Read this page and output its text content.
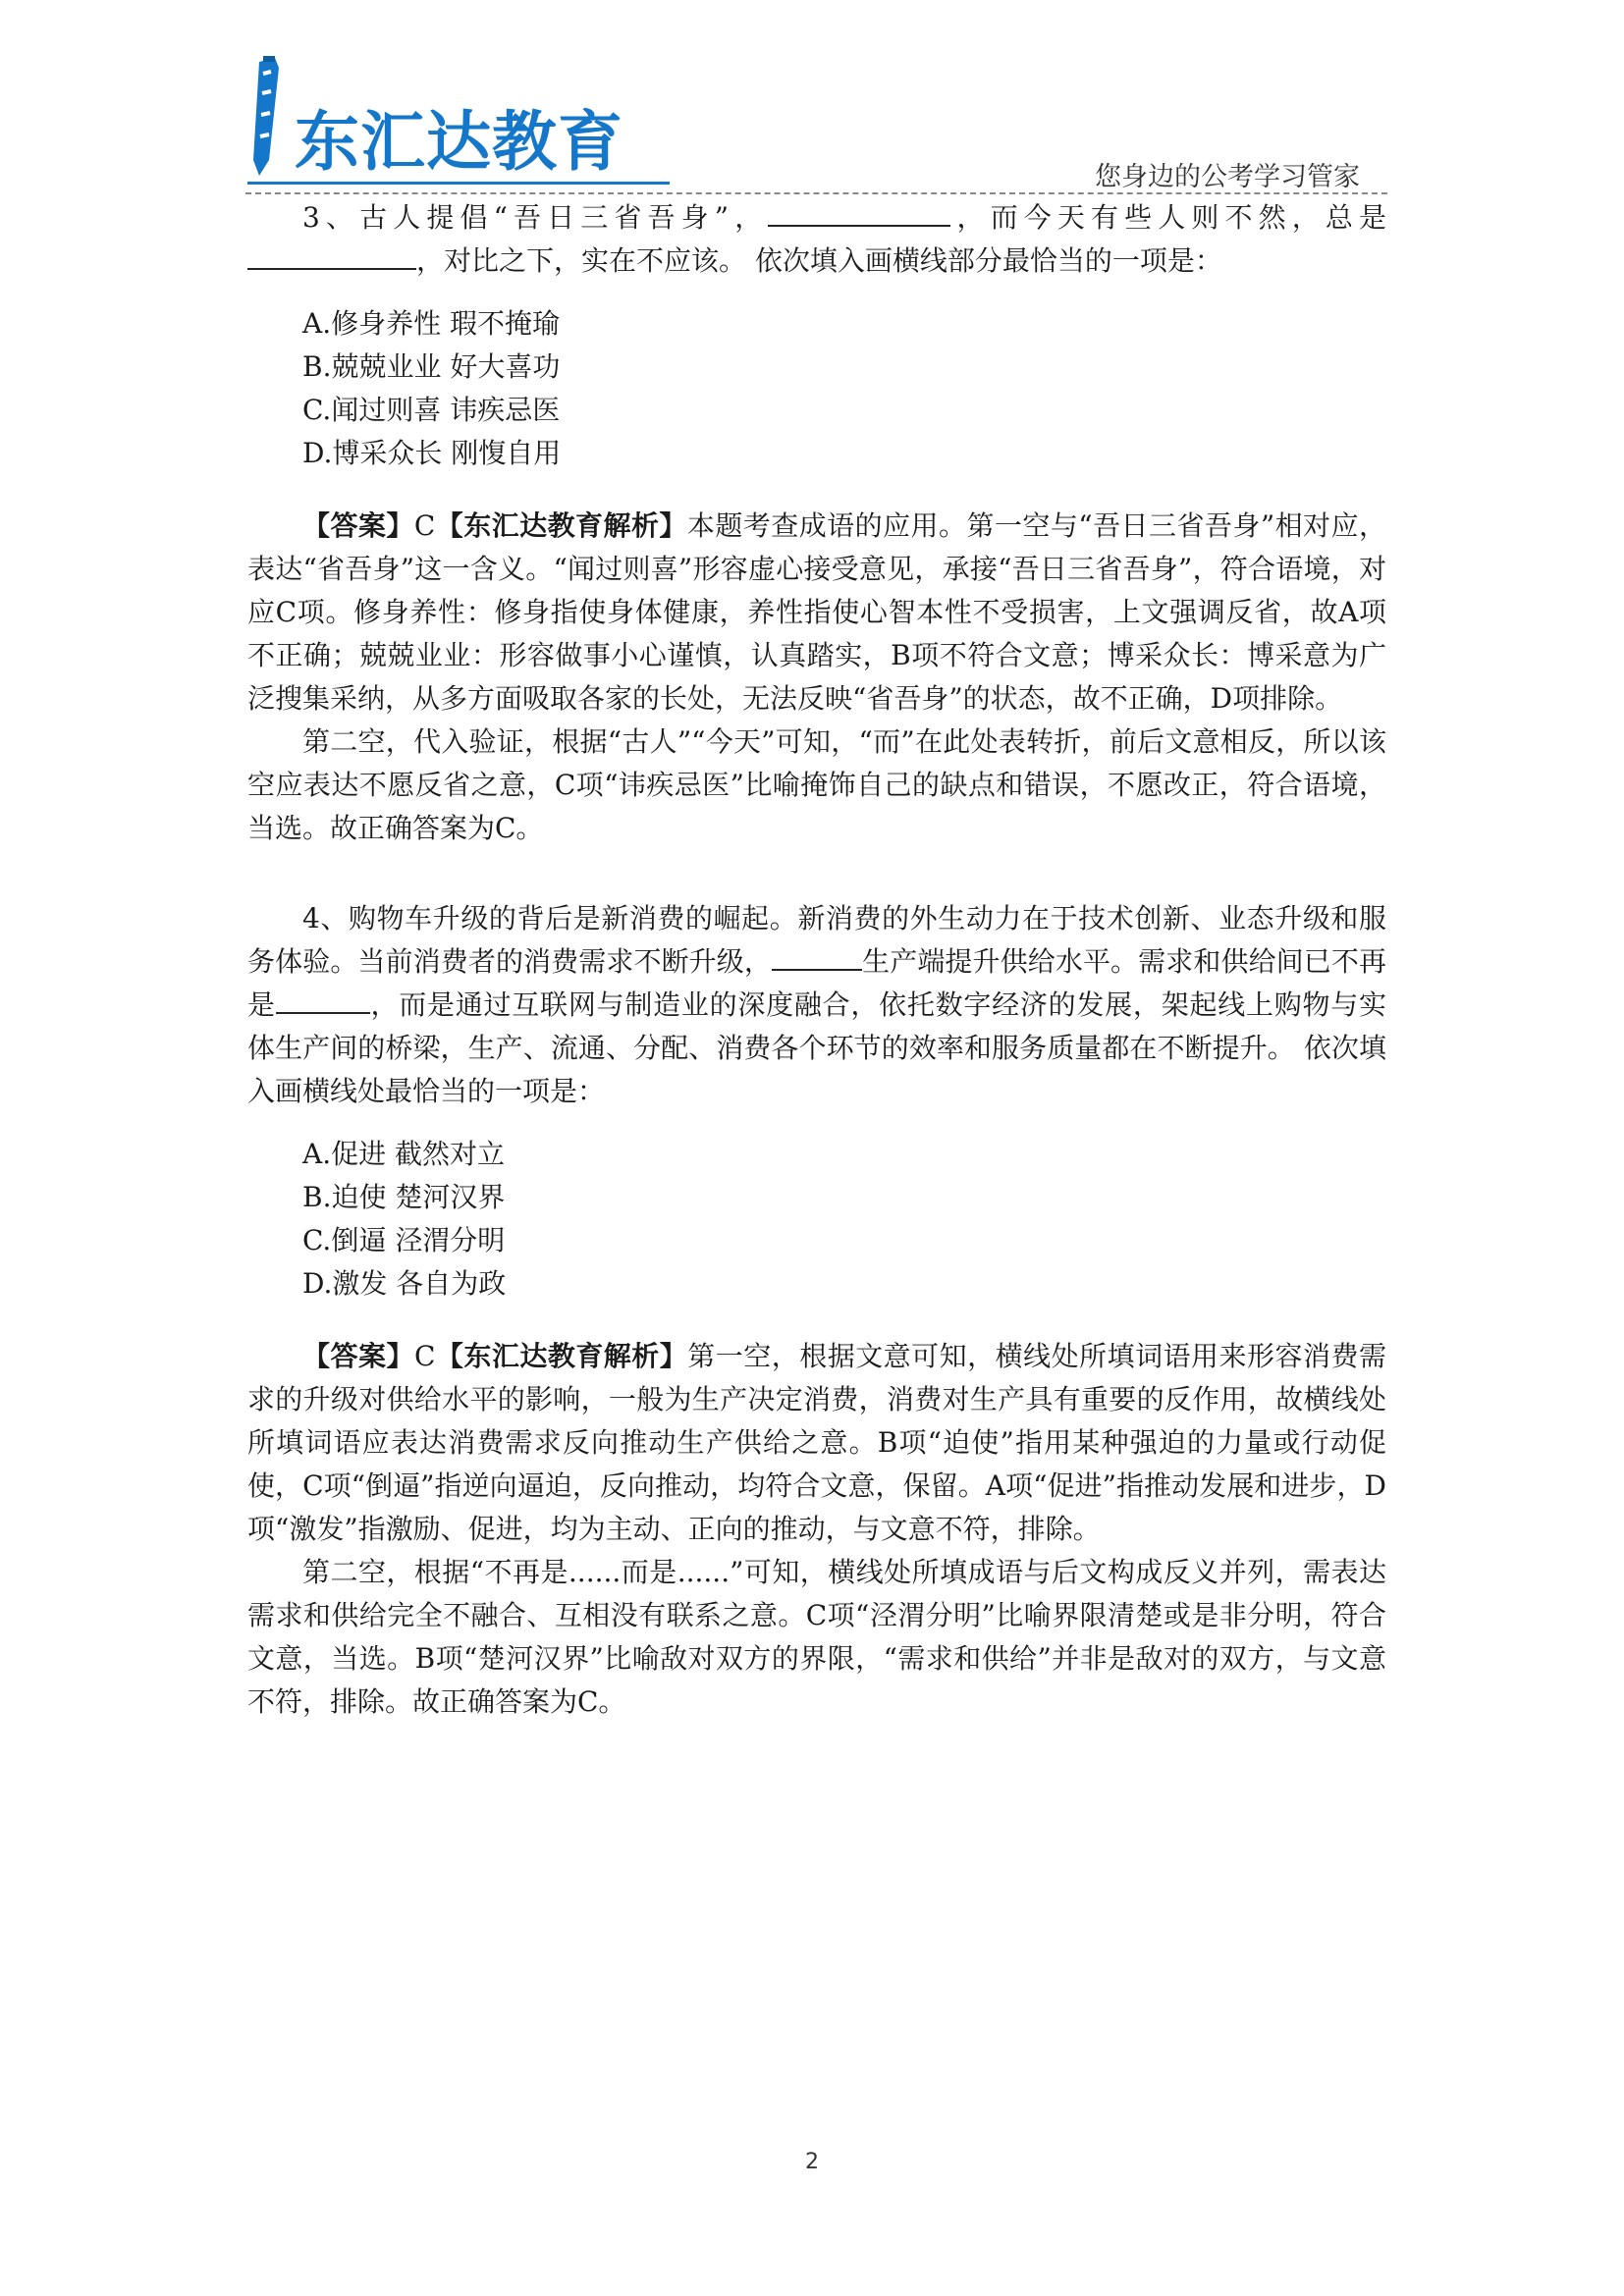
东汇达教育	您身边的公考学习管家

3、古人提倡“吾日三省吾身”，	，而今天有些人则不然，总是，对比之下，实在不应该。 依次填入画横线部分最恰当的一项是：

A.修身养性 瑕不掩瑜
B.兢兢业业 好大喜功
C.闻过则喜 讳疾忌医
D.博采众长 刚愎自用

【答案】C【东汇达教育解析】本题考查成语的应用。第一空与“吾日三省吾身”相对应，表达“省吾身”这一含义。“闻过则喜”形容虚心接受意见，承接“吾日三省吾身”，符合语境，对应C项。修身养性：修身指使身体健康，养性指使心智本性不受损害，上文强调反省，故A项不正确；兢兢业业：形容做事小心谨慎，认真踏实，B项不符合文意；博采众长：博采意为广泛搜集采纳，从多方面吸取各家的长处，无法反映“省吾身”的状态，故不正确，D项排除。

第二空，代入验证，根据“古人”“今天”可知，“而”在此处表转折，前后文意相反，所以该空应表达不愿反省之意，C项“讳疾忌医”比喻掩饰自己的缺点和错误，不愿改正，符合语境，当选。故正确答案为C。

4、购物车升级的背后是新消费的崛起。新消费的外生动力在于技术创新、业态升级和服务体验。当前消费者的消费需求不断升级，	生产端提升供给水平。需求和供给间已不再是	，而是通过互联网与制造业的深度融合，依托数字经济的发展，架起线上购物与实体生产间的桥梁，生产、流通、分配、消费各个环节的效率和服务质量都在不断提升。 依次填入画横线处最恰当的一项是：

A.促进 截然对立
B.迫使 楚河汉界
C.倒逼 泾渭分明
D.激发 各自为政

【答案】C【东汇达教育解析】第一空，根据文意可知，横线处所填词语用来形容消费需求的升级对供给水平的影响，一般为生产决定消费，消费对生产具有重要的反作用，故横线处所填词语应表达消费需求反向推动生产供给之意。B项“迫使”指用某种强迫的力量或行动促使，C项“倒逼”指逆向逼迫，反向推动，均符合文意，保留。A项“促进”指推动发展和进步，D项“激发”指激励、促进，均为主动、正向的推动，与文意不符，排除。

第二空，根据“不再是......而是......”可知，横线处所填成语与后文构成反义并列，需表达需求和供给完全不融合、互相没有联系之意。C项“泾渭分明”比喻界限清楚或是非分明，符合文意，当选。B项“楚河汉界”比喻敌对双方的界限，“需求和供给”并非是敌对的双方，与文意不符，排除。故正确答案为C。

2
